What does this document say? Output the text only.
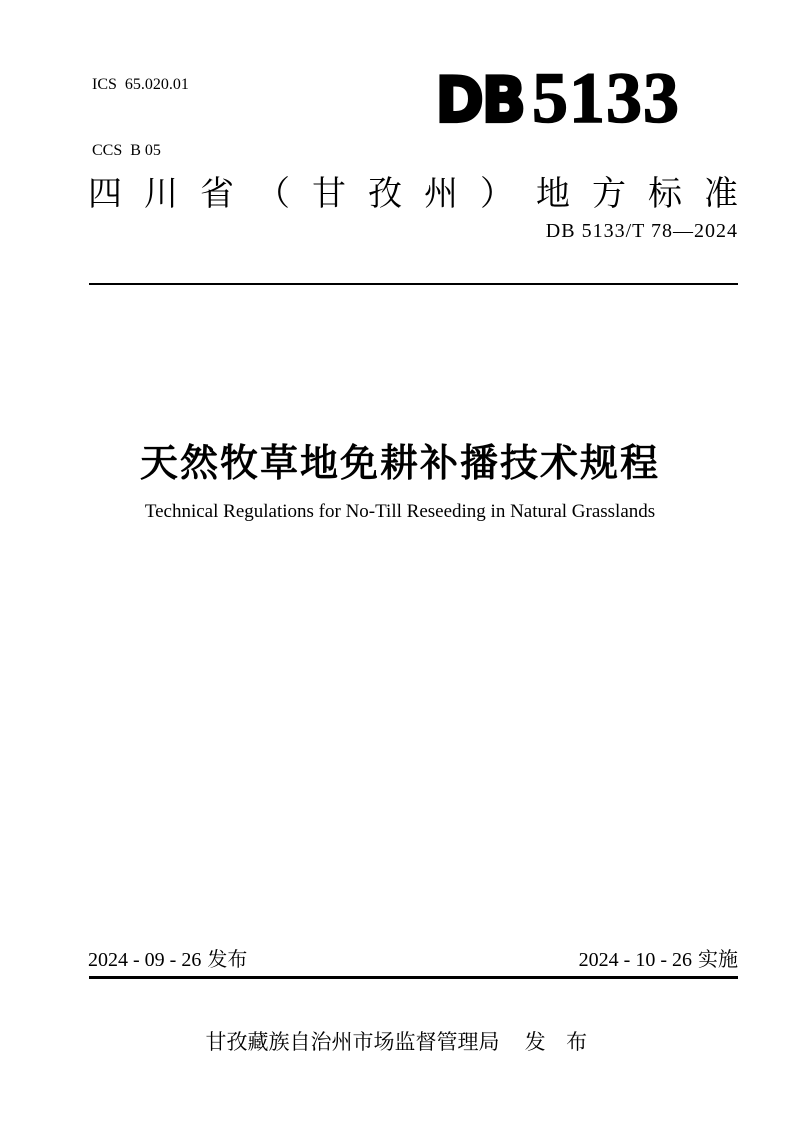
ICS  65.020.01

CCS  B 05

DB 5133
四 川 省 （ 甘 孜 州 ） 地 方 标 准
DB 5133/T 78—2024
天然牧草地免耕补播技术规程
Technical Regulations for No-Till Reseeding in Natural Grasslands
2024 - 09 - 26 发布	2024 - 10 - 26 实施
甘孜藏族自治州市场监督管理局 发 布
